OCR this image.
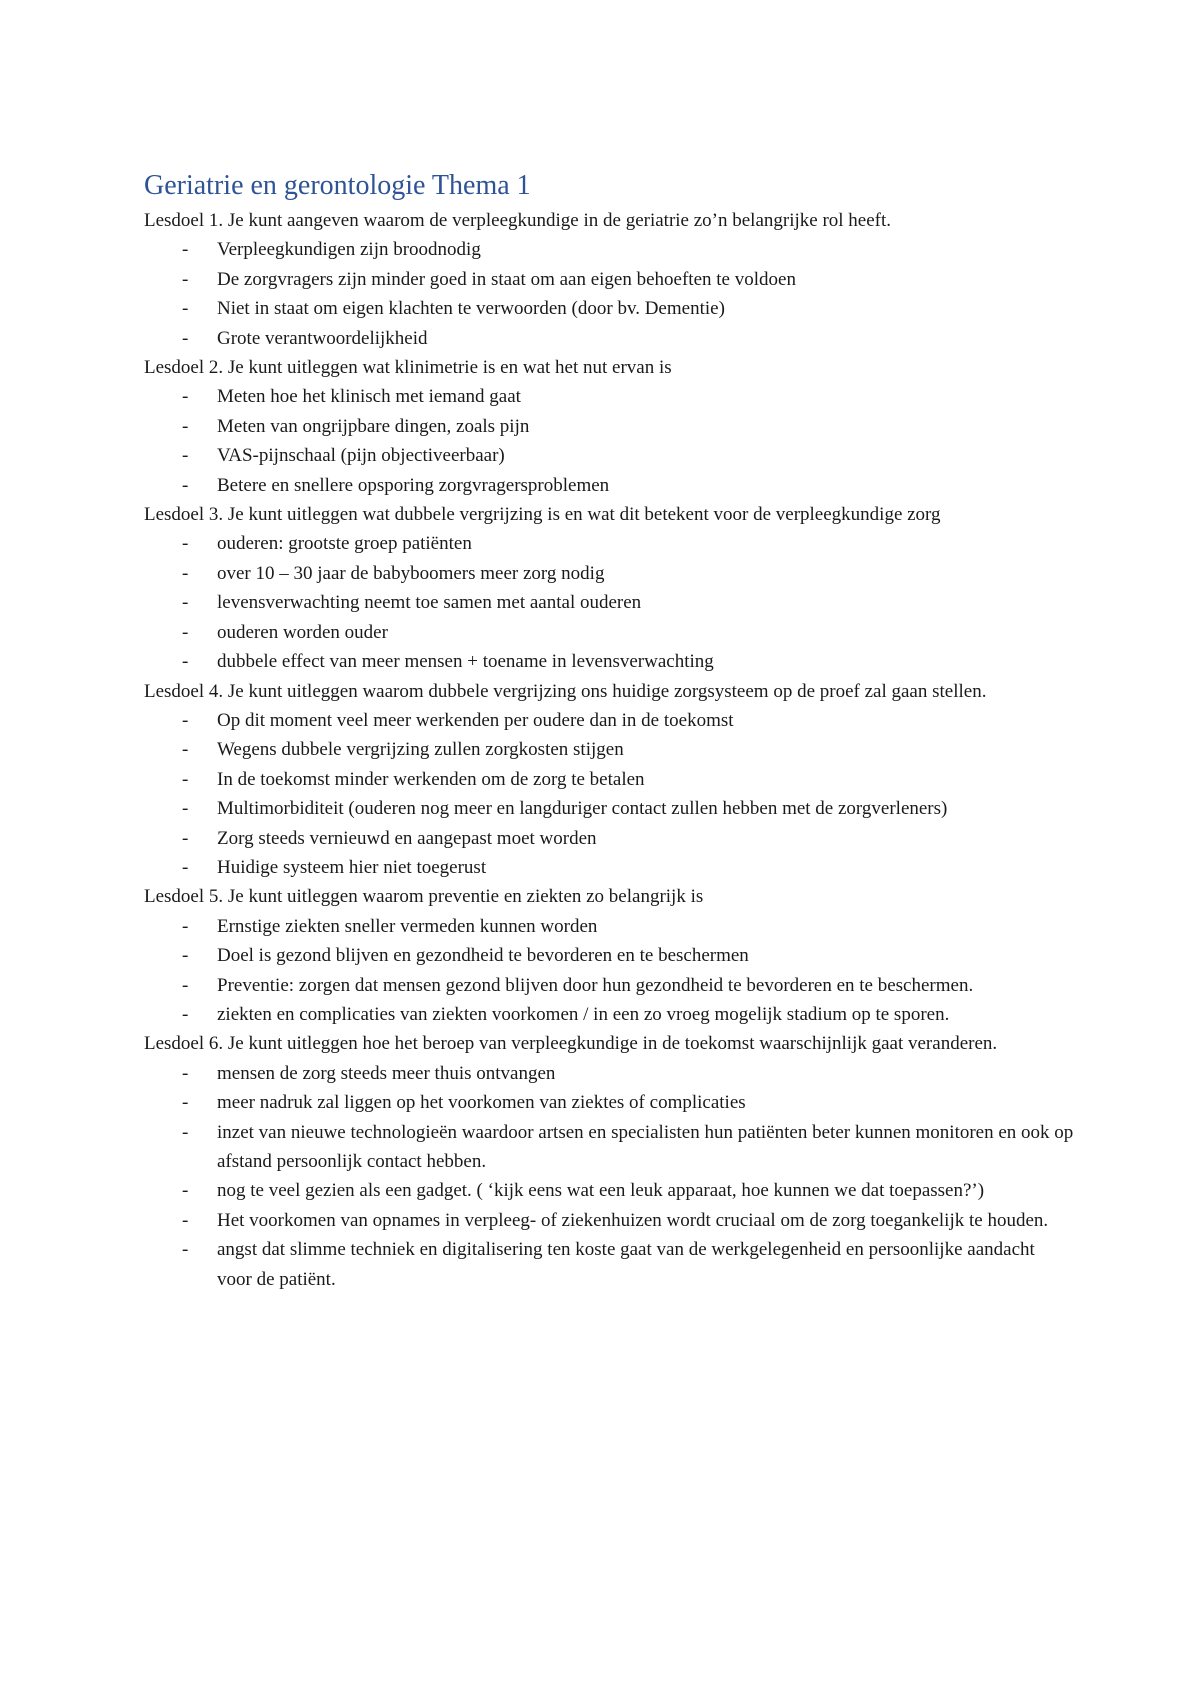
Geriatrie en gerontologie Thema 1

Lesdoel 1. Je kunt aangeven waarom de verpleegkundige in de geriatrie zo’n belangrijke rol heeft.

- Verpleegkundigen zijn broodnodig
- De zorgvragers zijn minder goed in staat om aan eigen behoeften te voldoen
- Niet in staat om eigen klachten te verwoorden (door bv. Dementie)
- Grote verantwoordelijkheid

Lesdoel 2. Je kunt uitleggen wat klinimetrie is en wat het nut ervan is

- Meten hoe het klinisch met iemand gaat
- Meten van ongrijpbare dingen, zoals pijn
- VAS-pijnschaal (pijn objectiveerbaar)
- Betere en snellere opsporing zorgvragersproblemen

Lesdoel 3. Je kunt uitleggen wat dubbele vergrijzing is en wat dit betekent voor de verpleegkundige zorg

- ouderen: grootste groep patiënten
- over 10 – 30 jaar de babyboomers meer zorg nodig
- levensverwachting neemt toe samen met aantal ouderen
- ouderen worden ouder
- dubbele effect van meer mensen + toename in levensverwachting

Lesdoel 4. Je kunt uitleggen waarom dubbele vergrijzing ons huidige zorgsysteem op de proef zal gaan stellen.

- Op dit moment veel meer werkenden per oudere dan in de toekomst
- Wegens dubbele vergrijzing zullen zorgkosten stijgen
- In de toekomst minder werkenden om de zorg te betalen
- Multimorbiditeit (ouderen nog meer en langduriger contact zullen hebben met de zorgverleners)
- Zorg steeds vernieuwd en aangepast moet worden
- Huidige systeem hier niet toegerust

Lesdoel 5. Je kunt uitleggen waarom preventie en ziekten zo belangrijk is

- Ernstige ziekten sneller vermeden kunnen worden
- Doel is gezond blijven en gezondheid te bevorderen en te beschermen
- Preventie: zorgen dat mensen gezond blijven door hun gezondheid te bevorderen en te beschermen.
- ziekten en complicaties van ziekten voorkomen / in een zo vroeg mogelijk stadium op te sporen.

Lesdoel 6. Je kunt uitleggen hoe het beroep van verpleegkundige in de toekomst waarschijnlijk gaat veranderen.

- mensen de zorg steeds meer thuis ontvangen
- meer nadruk zal liggen op het voorkomen van ziektes of complicaties
- inzet van nieuwe technologieën waardoor artsen en specialisten hun patiënten beter kunnen monitoren en ook op afstand persoonlijk contact hebben.
- nog te veel gezien als een gadget. ( ‘kijk eens wat een leuk apparaat, hoe kunnen we dat toepassen?’)
- Het voorkomen van opnames in verpleeg- of ziekenhuizen wordt cruciaal om de zorg toegankelijk te houden.
- angst dat slimme techniek en digitalisering ten koste gaat van de werkgelegenheid en persoonlijke aandacht voor de patiënt.
